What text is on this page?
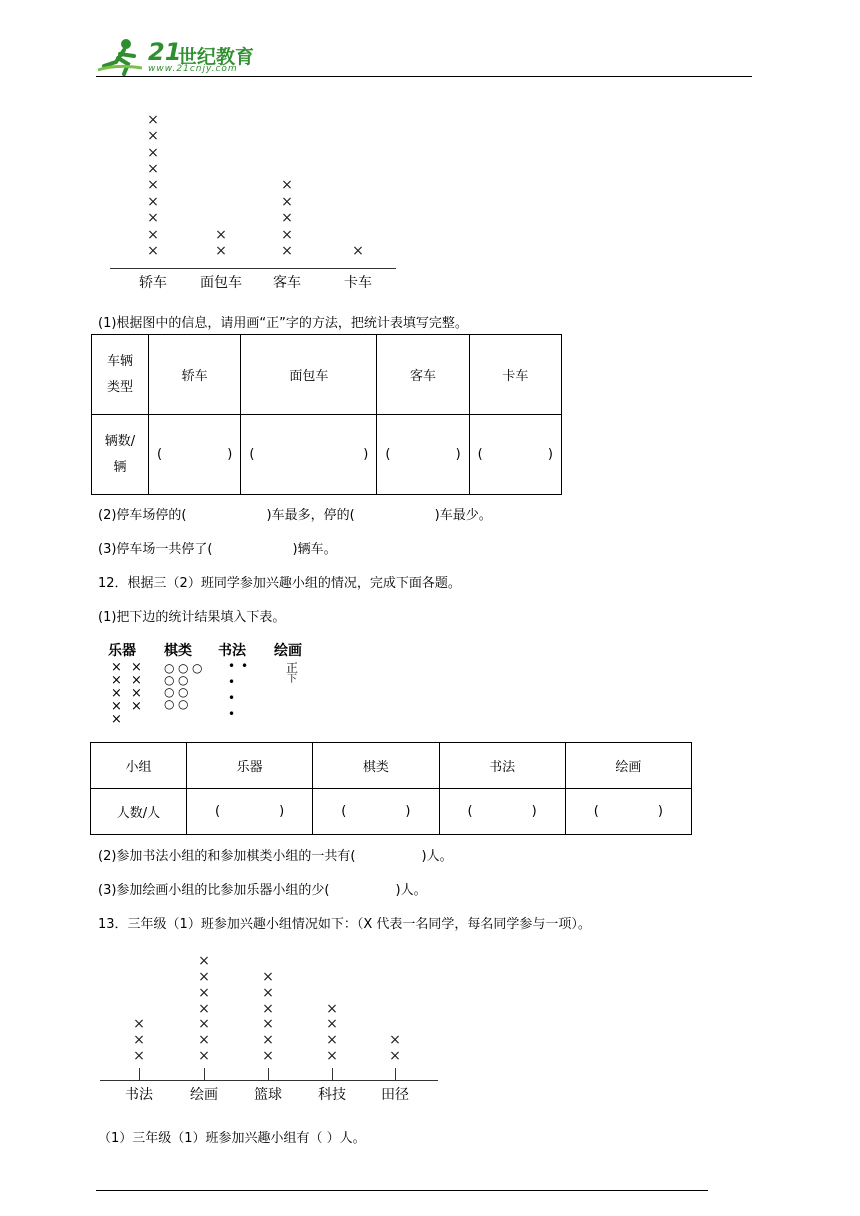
21
世纪教育
www.21cnjy.com
×
×
×
×
×
×
×
×
×
轿车
×
×
面包车
×
×
×
×
×
客车
×
卡车
(1)根据图中的信息，请用画“正”字的方法，把统计表填写完整。
车辆
类型	轿车	面包车	客车	卡车
辆数/
辆	( )	( )	( )	( )
(2)停车场停的(	)车最多，停的(	)车最少。
(3)停车场一共停了(	)辆车。
12．根据三（2）班同学参加兴趣小组的情况，完成下面各题。
(1)把下边的统计结果填入下表。
乐器 棋类 书法 绘画
×
×
×
×
×
×
×
×
×
○ ○ ○
○ ○
○ ○
○ ○
• •
•
•
•
正
下
小组	乐器	棋类	书法	绘画
人数/人	( )	( )	( )	( )
(2)参加书法小组的和参加棋类小组的一共有(	)人。
(3)参加绘画小组的比参加乐器小组的少(	)人。
13．三年级（1）班参加兴趣小组情况如下：（X 代表一名同学，每名同学参与一项）。
×
×
×
书法
×
×
×
×
×
×
×
绘画
×
×
×
×
×
×
篮球
×
×
×
×
科技
×
×
田径
（1）三年级（1）班参加兴趣小组有（ ）人。
